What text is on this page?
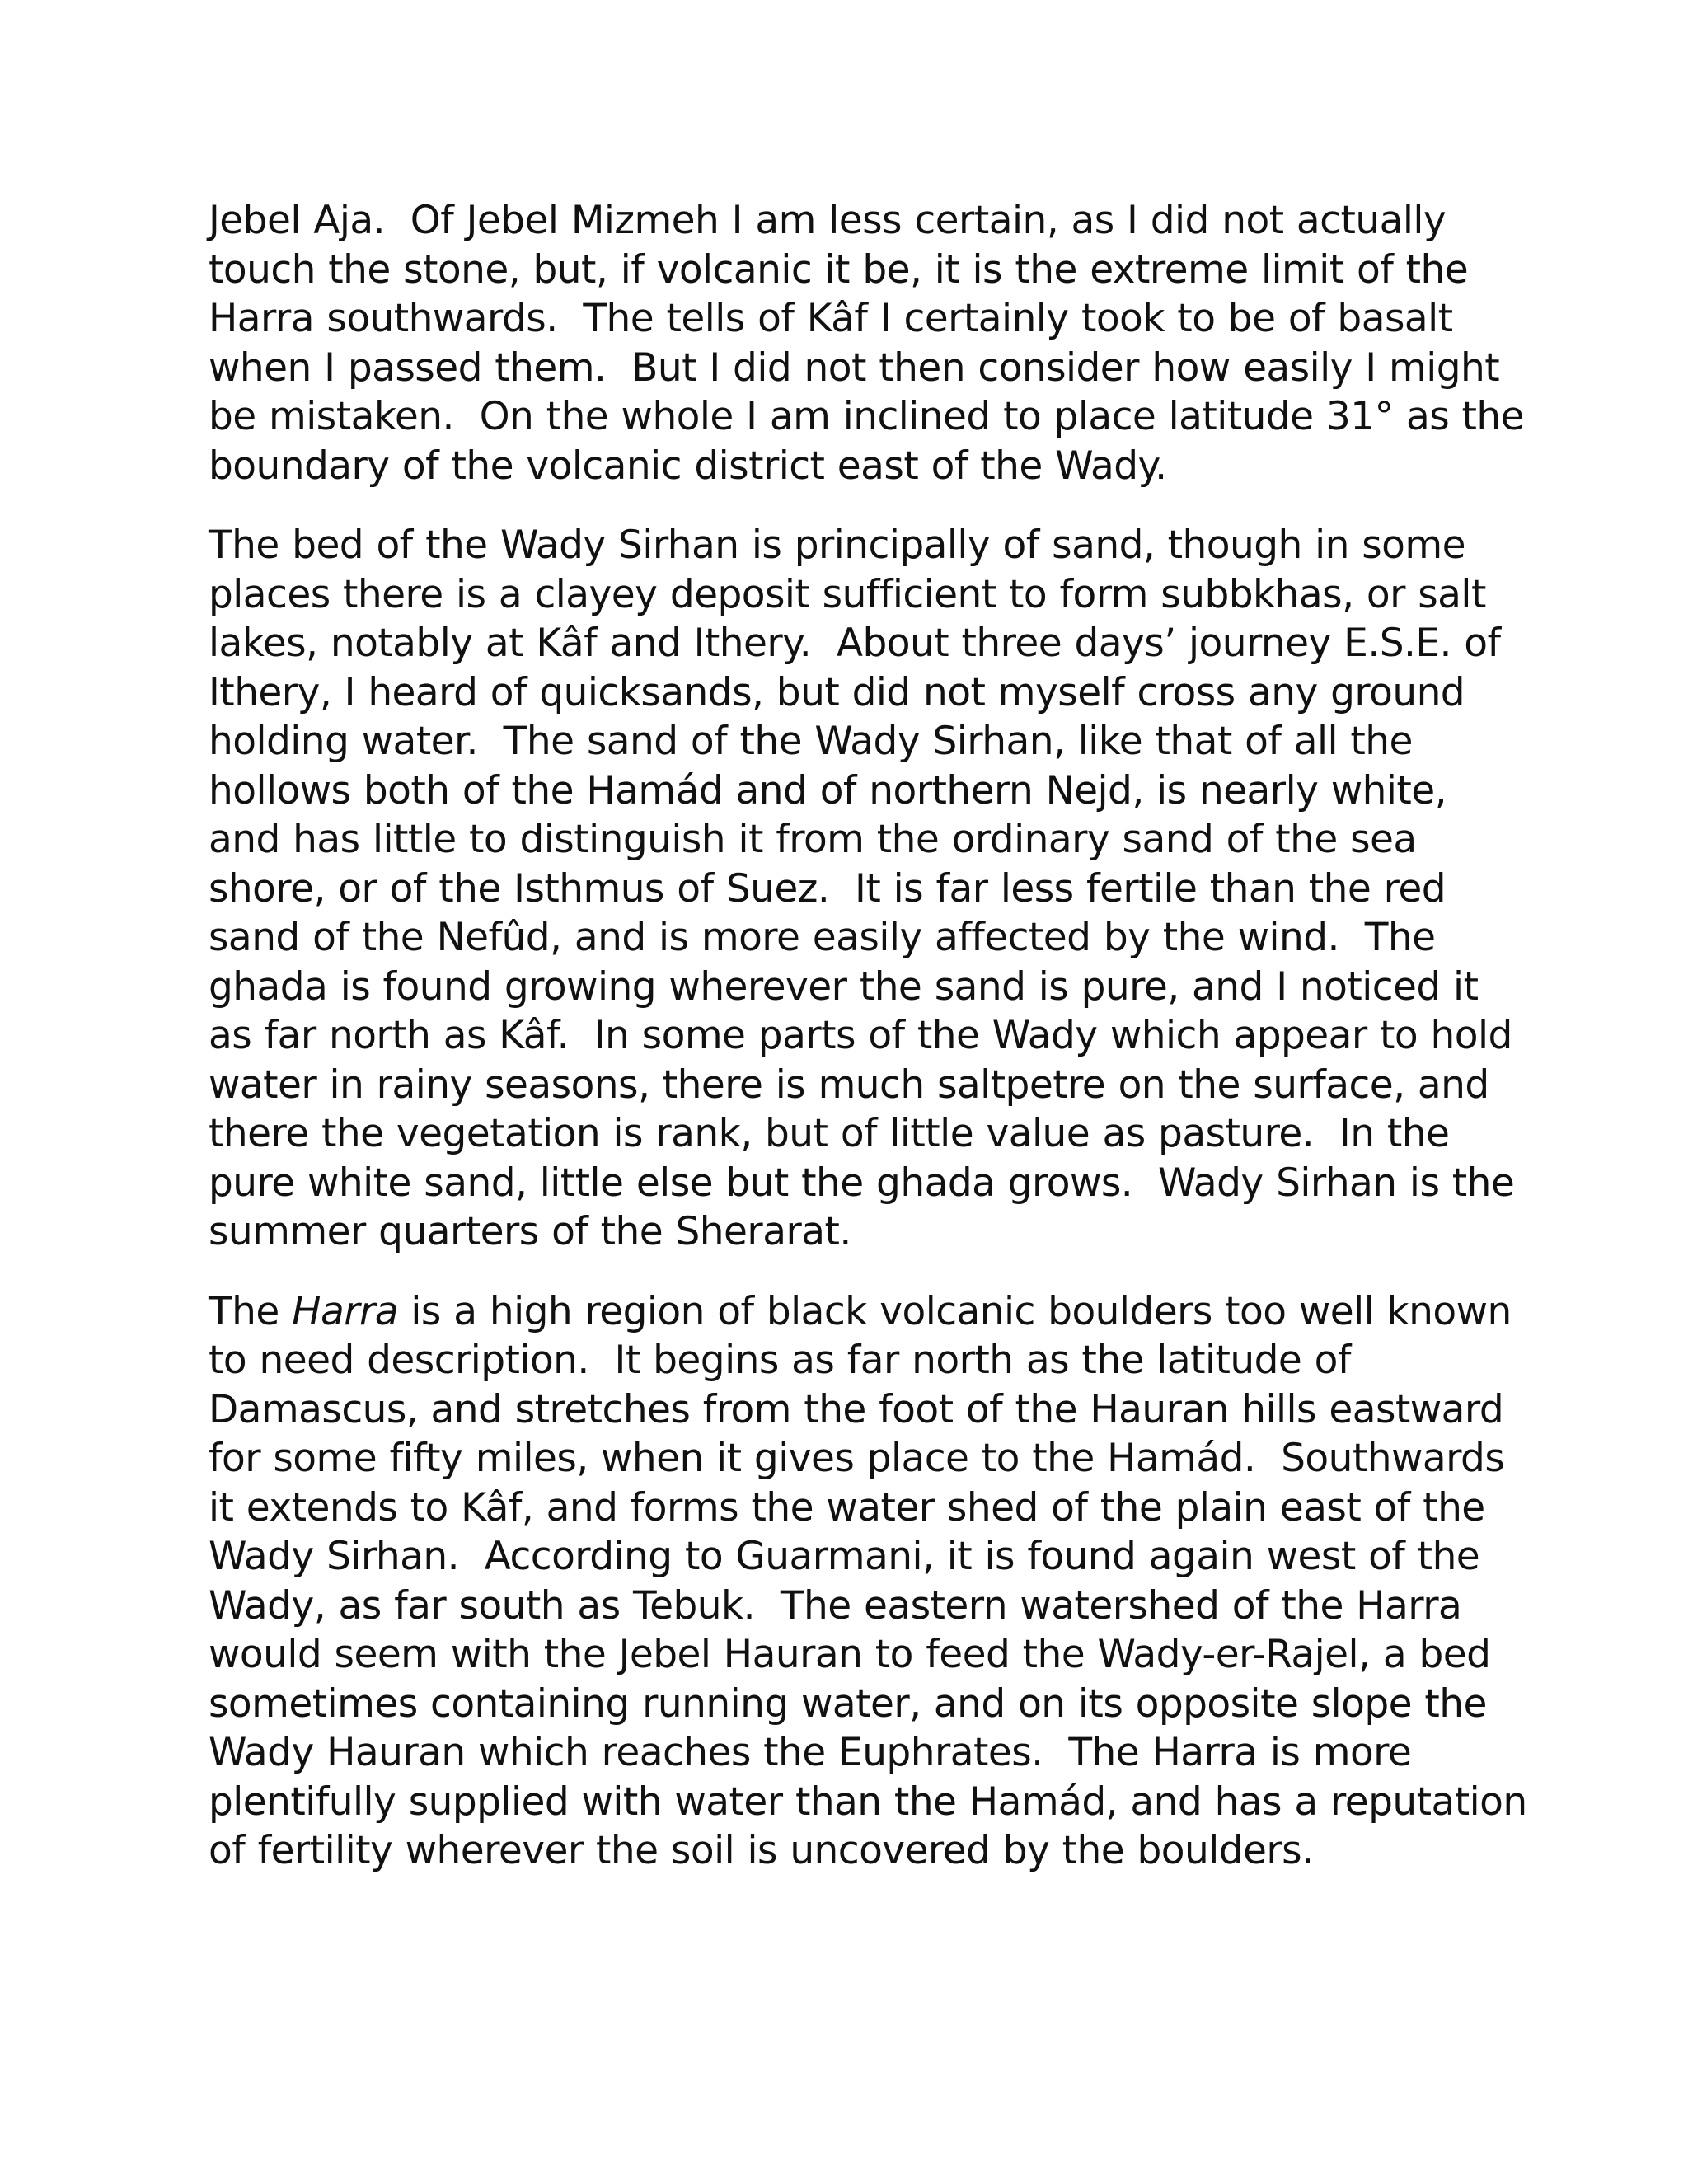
Jebel Aja.  Of Jebel Mizmeh I am less certain, as I did not actually
touch the stone, but, if volcanic it be, it is the extreme limit of the
Harra southwards.  The tells of Kâf I certainly took to be of basalt
when I passed them.  But I did not then consider how easily I might
be mistaken.  On the whole I am inclined to place latitude 31° as the
boundary of the volcanic district east of the Wady.

The bed of the Wady Sirhan is principally of sand, though in some
places there is a clayey deposit sufficient to form subbkhas, or salt
lakes, notably at Kâf and Ithery.  About three days’ journey E.S.E. of
Ithery, I heard of quicksands, but did not myself cross any ground
holding water.  The sand of the Wady Sirhan, like that of all the
hollows both of the Hamád and of northern Nejd, is nearly white,
and has little to distinguish it from the ordinary sand of the sea
shore, or of the Isthmus of Suez.  It is far less fertile than the red
sand of the Nefûd, and is more easily affected by the wind.  The
ghada is found growing wherever the sand is pure, and I noticed it
as far north as Kâf.  In some parts of the Wady which appear to hold
water in rainy seasons, there is much saltpetre on the surface, and
there the vegetation is rank, but of little value as pasture.  In the
pure white sand, little else but the ghada grows.  Wady Sirhan is the
summer quarters of the Sherarat.

The Harra is a high region of black volcanic boulders too well known
to need description.  It begins as far north as the latitude of
Damascus, and stretches from the foot of the Hauran hills eastward
for some fifty miles, when it gives place to the Hamád.  Southwards
it extends to Kâf, and forms the water shed of the plain east of the
Wady Sirhan.  According to Guarmani, it is found again west of the
Wady, as far south as Tebuk.  The eastern watershed of the Harra
would seem with the Jebel Hauran to feed the Wady-er-Rajel, a bed
sometimes containing running water, and on its opposite slope the
Wady Hauran which reaches the Euphrates.  The Harra is more
plentifully supplied with water than the Hamád, and has a reputation
of fertility wherever the soil is uncovered by the boulders.
